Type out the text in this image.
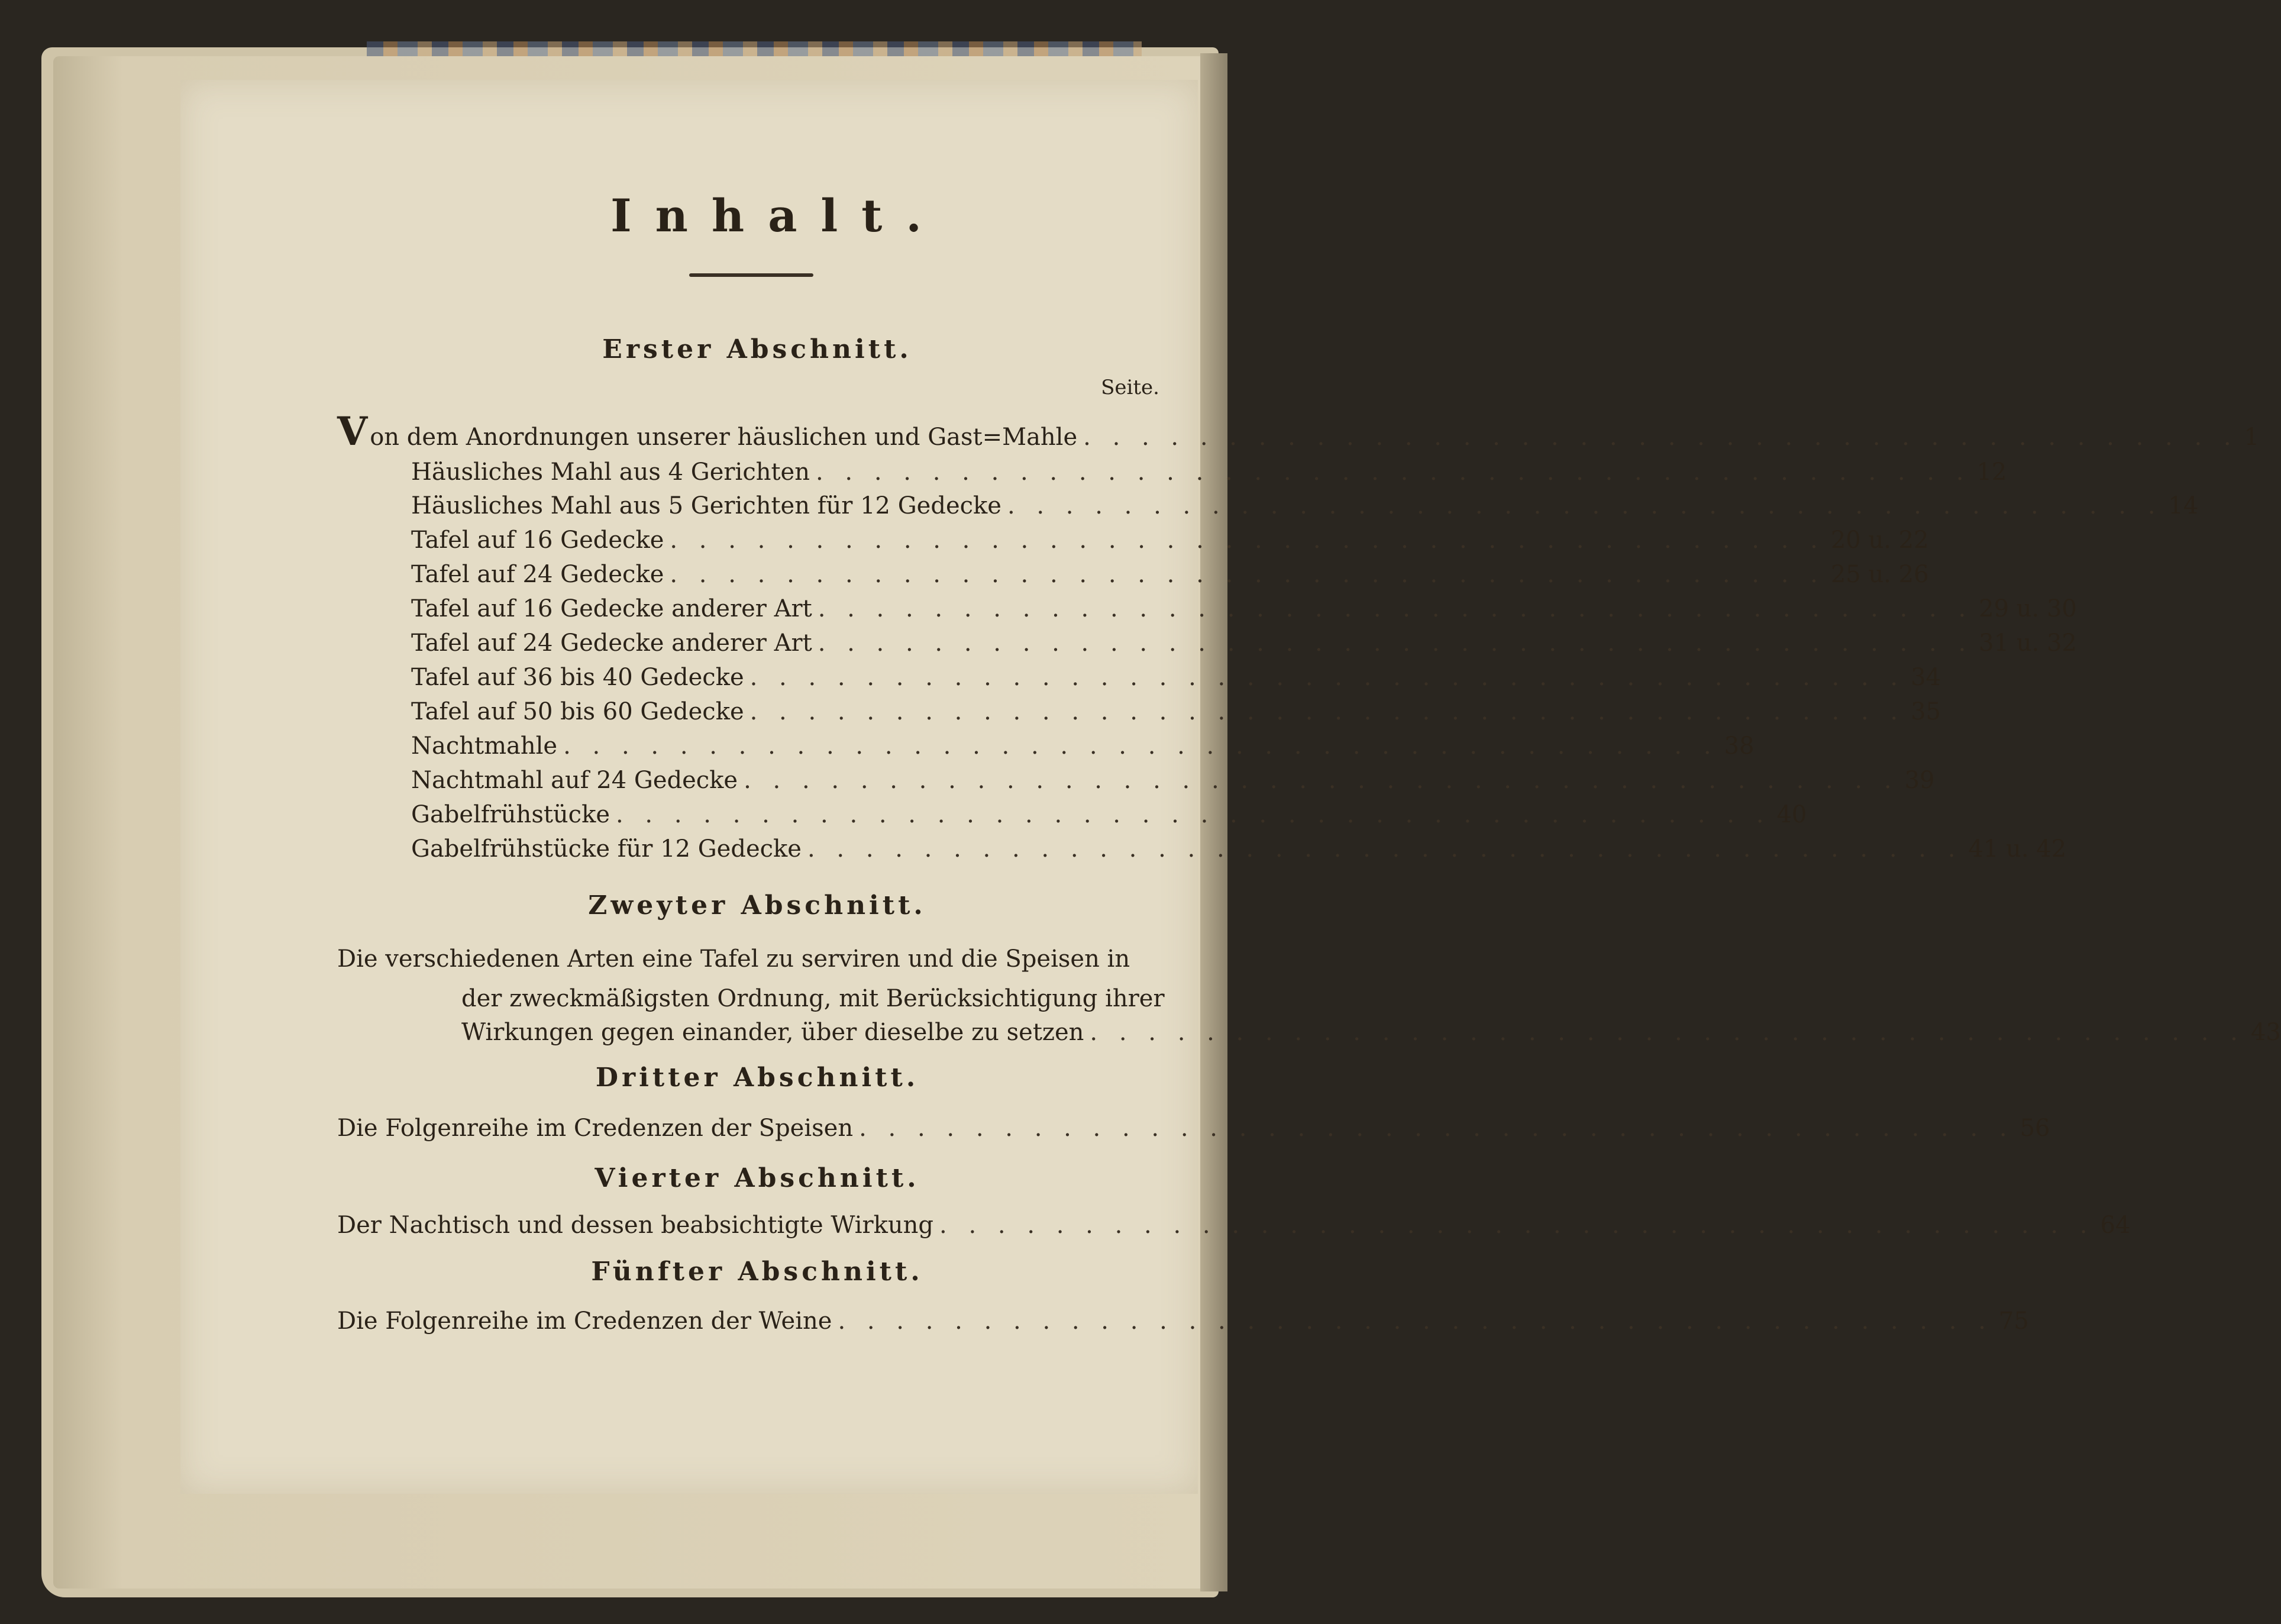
Inhalt.
Erster Abschnitt.
Seite.
V on dem Anordnungen unserer häuslichen und Gast=Mahle . . . . . . . . . . . . . . . . . . . . . . . . . . . . . . . . . . . . . . . . 1
Häusliches Mahl aus 4 Gerichten . . . . . . . . . . . . . . . . . . . . . . . . . . . . . . . . . . . . . . . . 12
Häusliches Mahl aus 5 Gerichten für 12 Gedecke . . . . . . . . . . . . . . . . . . . . . . . . . . . . . . . . . . . . . . . . 14
Tafel auf 16 Gedecke . . . . . . . . . . . . . . . . . . . . . . . . . . . . . . . . . . . . . . . . 20 u. 22
Tafel auf 24 Gedecke . . . . . . . . . . . . . . . . . . . . . . . . . . . . . . . . . . . . . . . . 25 u. 26
Tafel auf 16 Gedecke anderer Art . . . . . . . . . . . . . . . . . . . . . . . . . . . . . . . . . . . . . . . . 29 u. 30
Tafel auf 24 Gedecke anderer Art . . . . . . . . . . . . . . . . . . . . . . . . . . . . . . . . . . . . . . . . 31 u. 32
Tafel auf 36 bis 40 Gedecke . . . . . . . . . . . . . . . . . . . . . . . . . . . . . . . . . . . . . . . . 34
Tafel auf 50 bis 60 Gedecke . . . . . . . . . . . . . . . . . . . . . . . . . . . . . . . . . . . . . . . . 35
Nachtmahle . . . . . . . . . . . . . . . . . . . . . . . . . . . . . . . . . . . . . . . . 38
Nachtmahl auf 24 Gedecke . . . . . . . . . . . . . . . . . . . . . . . . . . . . . . . . . . . . . . . . 39
Gabelfrühstücke . . . . . . . . . . . . . . . . . . . . . . . . . . . . . . . . . . . . . . . . 40
Gabelfrühstücke für 12 Gedecke . . . . . . . . . . . . . . . . . . . . . . . . . . . . . . . . . . . . . . . . 41 u. 42
Zweyter Abschnitt.
Die verschiedenen Arten eine Tafel zu serviren und die Speisen in
der zweckmäßigsten Ordnung, mit Berücksichtigung ihrer
Wirkungen gegen einander, über dieselbe zu setzen . . . . . . . . . . . . . . . . . . . . . . . . . . . . . . . . . . . . . . . . 43
Dritter Abschnitt.
Die Folgenreihe im Credenzen der Speisen . . . . . . . . . . . . . . . . . . . . . . . . . . . . . . . . . . . . . . . . 56
Vierter Abschnitt.
Der Nachtisch und dessen beabsichtigte Wirkung . . . . . . . . . . . . . . . . . . . . . . . . . . . . . . . . . . . . . . . . 64
Fünfter Abschnitt.
Die Folgenreihe im Credenzen der Weine . . . . . . . . . . . . . . . . . . . . . . . . . . . . . . . . . . . . . . . . 75
